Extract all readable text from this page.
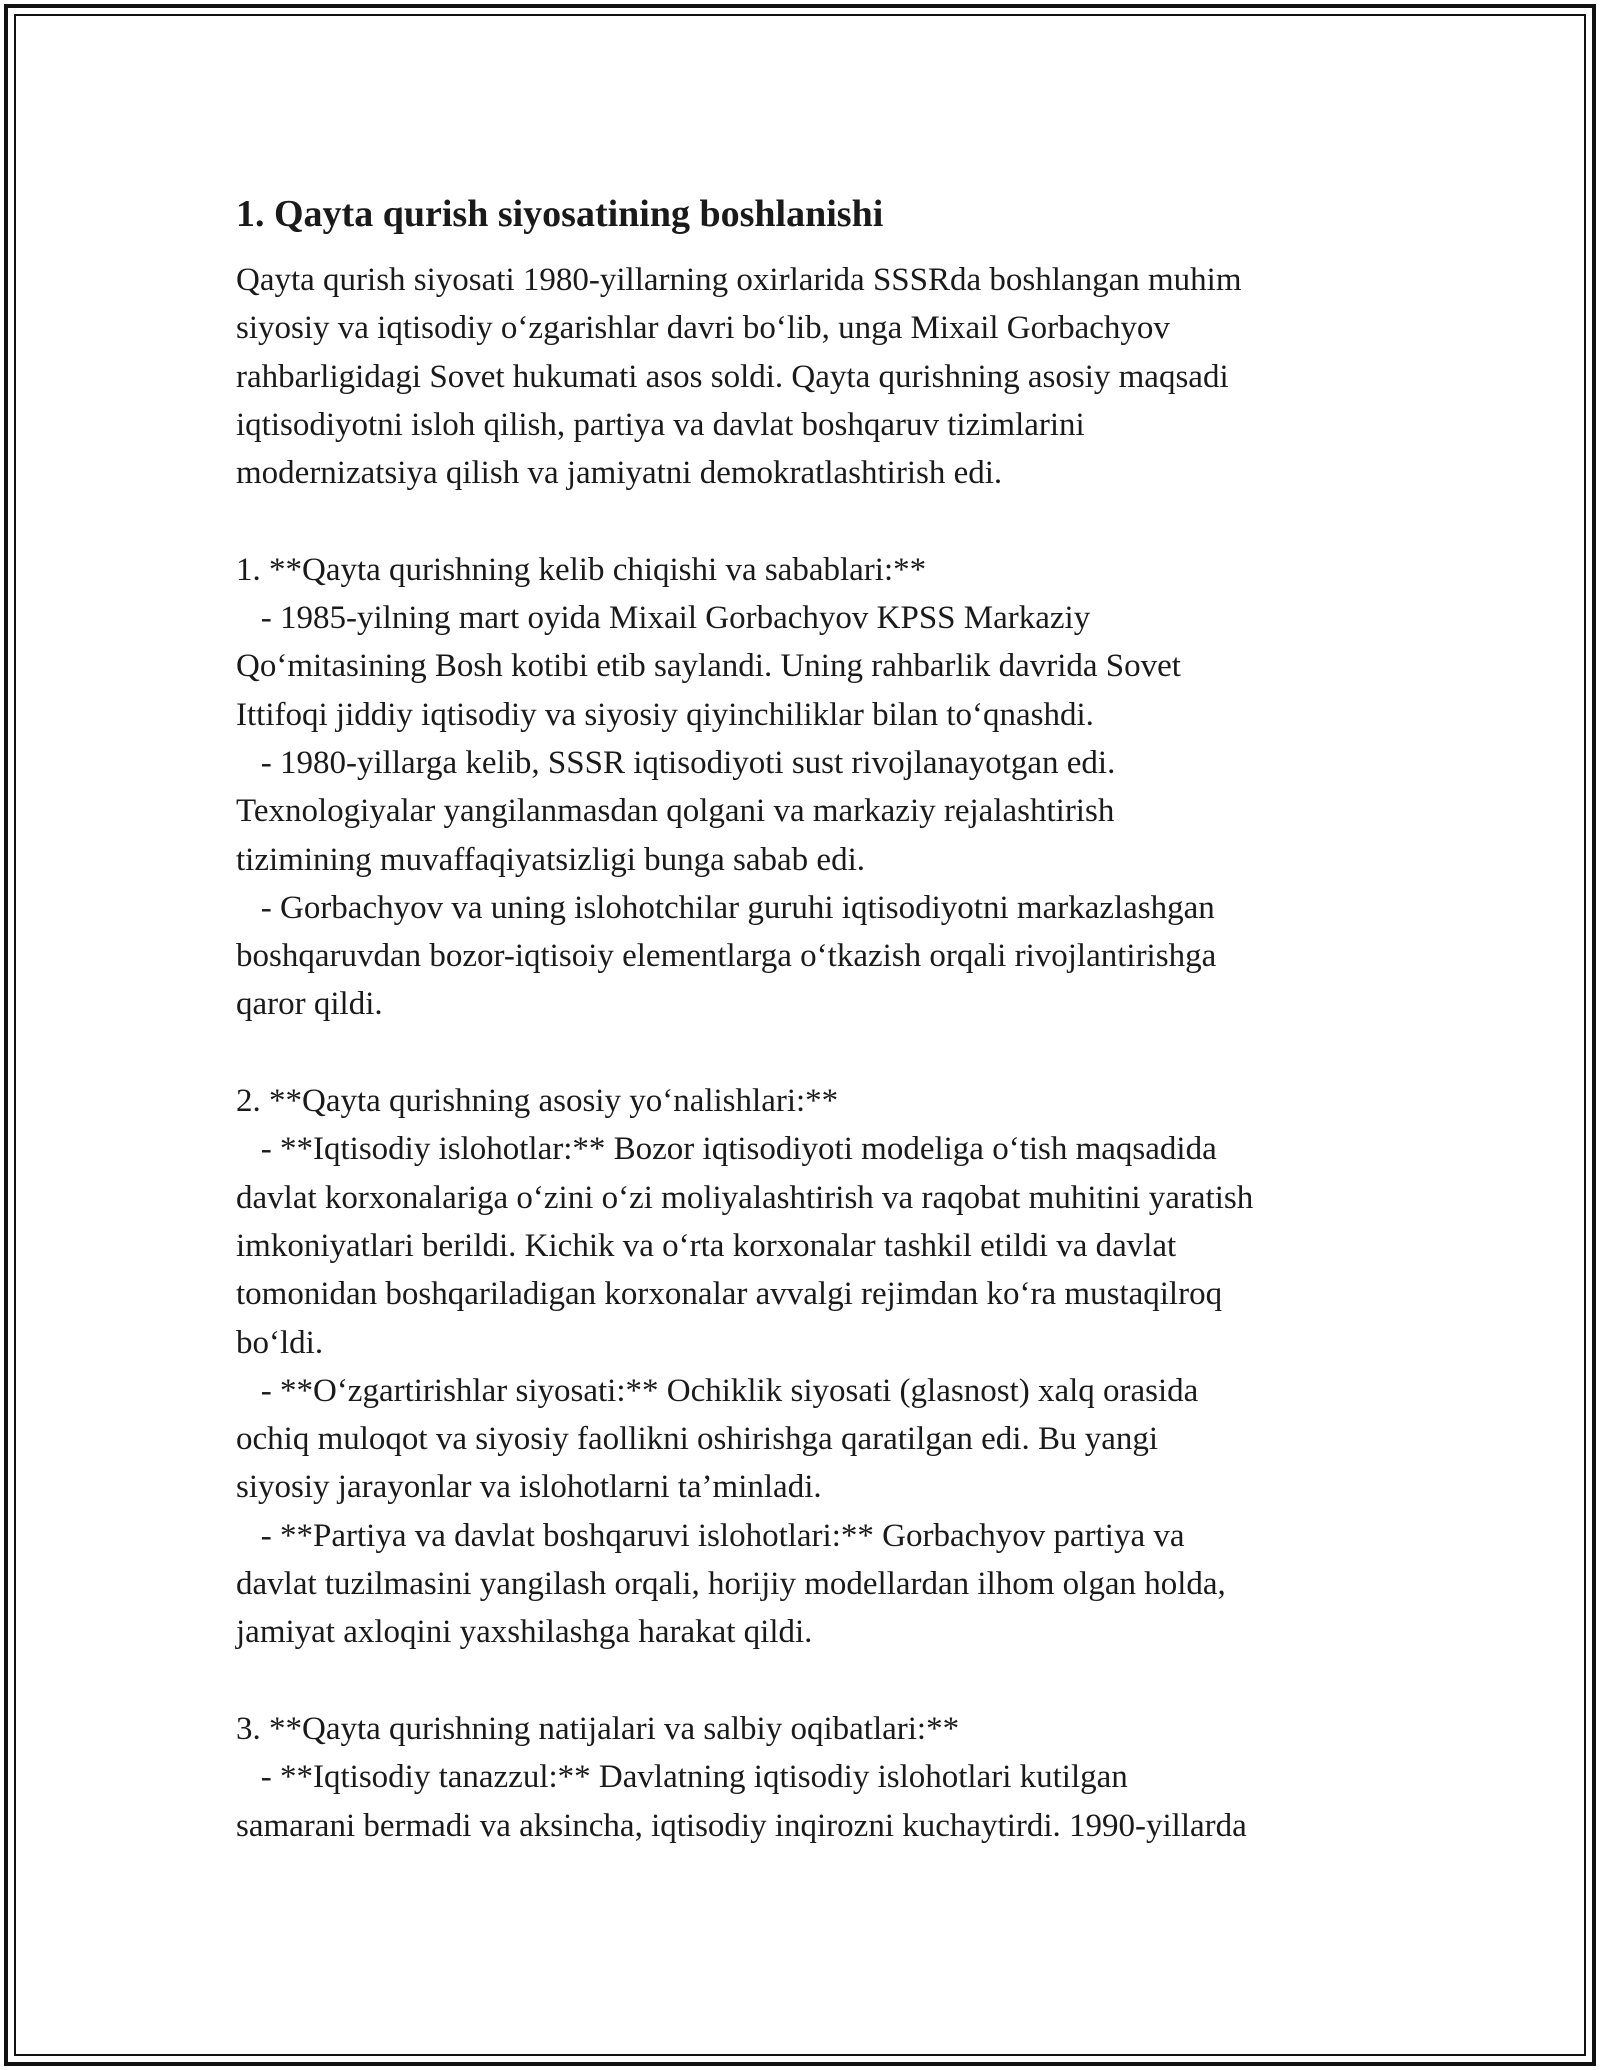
1. Qayta qurish siyosatining boshlanishi

Qayta qurish siyosati 1980-yillarning oxirlarida SSSRda boshlangan muhim

siyosiy va iqtisodiy o‘zgarishlar davri bo‘lib, unga Mixail Gorbachyov

rahbarligidagi Sovet hukumati asos soldi. Qayta qurishning asosiy maqsadi

iqtisodiyotni isloh qilish, partiya va davlat boshqaruv tizimlarini

modernizatsiya qilish va jamiyatni demokratlashtirish edi.

1. **Qayta qurishning kelib chiqishi va sabablari:**

- 1985-yilning mart oyida Mixail Gorbachyov KPSS Markaziy

Qo‘mitasining Bosh kotibi etib saylandi. Uning rahbarlik davrida Sovet

Ittifoqi jiddiy iqtisodiy va siyosiy qiyinchiliklar bilan to‘qnashdi.

- 1980-yillarga kelib, SSSR iqtisodiyoti sust rivojlanayotgan edi.

Texnologiyalar yangilanmasdan qolgani va markaziy rejalashtirish

tizimining muvaffaqiyatsizligi bunga sabab edi.

- Gorbachyov va uning islohotchilar guruhi iqtisodiyotni markazlashgan

boshqaruvdan bozor-iqtisoiy elementlarga o‘tkazish orqali rivojlantirishga

qaror qildi.

2. **Qayta qurishning asosiy yo‘nalishlari:**

- **Iqtisodiy islohotlar:** Bozor iqtisodiyoti modeliga o‘tish maqsadida

davlat korxonalariga o‘zini o‘zi moliyalashtirish va raqobat muhitini yaratish

imkoniyatlari berildi. Kichik va o‘rta korxonalar tashkil etildi va davlat

tomonidan boshqariladigan korxonalar avvalgi rejimdan ko‘ra mustaqilroq

bo‘ldi.

- **O‘zgartirishlar siyosati:** Ochiklik siyosati (glasnost) xalq orasida

ochiq muloqot va siyosiy faollikni oshirishga qaratilgan edi. Bu yangi

siyosiy jarayonlar va islohotlarni ta’minladi.

- **Partiya va davlat boshqaruvi islohotlari:** Gorbachyov partiya va

davlat tuzilmasini yangilash orqali, horijiy modellardan ilhom olgan holda,

jamiyat axloqini yaxshilashga harakat qildi.

3. **Qayta qurishning natijalari va salbiy oqibatlari:**

- **Iqtisodiy tanazzul:** Davlatning iqtisodiy islohotlari kutilgan

samarani bermadi va aksincha, iqtisodiy inqirozni kuchaytirdi. 1990-yillarda
